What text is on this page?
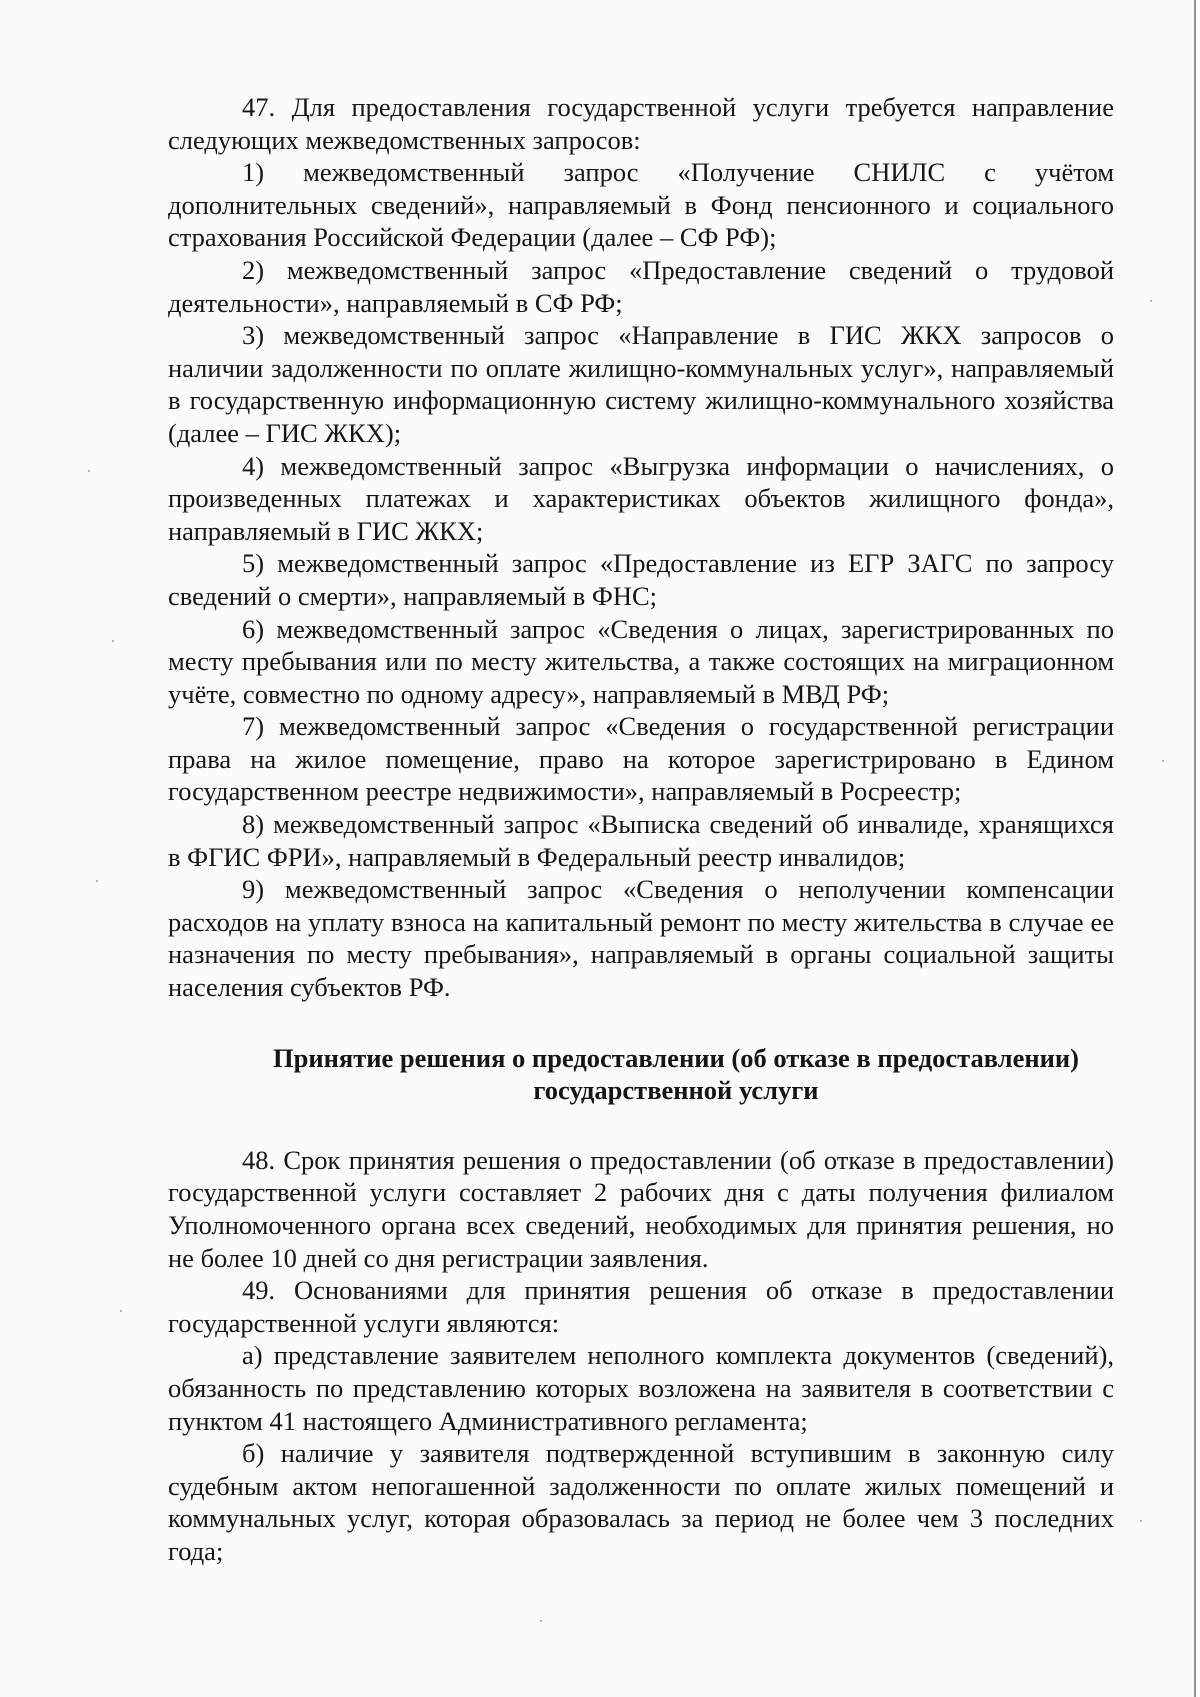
47. Для предоставления государственной услуги требуется направление следующих межведомственных запросов:

1) межведомственный запрос «Получение СНИЛС с учётом дополнительных сведений», направляемый в Фонд пенсионного и социального страхования Российской Федерации (далее – СФ РФ);

2) межведомственный запрос «Предоставление сведений о трудовой деятельности», направляемый в СФ РФ;

3) межведомственный запрос «Направление в ГИС ЖКХ запросов о наличии задолженности по оплате жилищно-коммунальных услуг», направляемый в государственную информационную систему жилищно-коммунального хозяйства (далее – ГИС ЖКХ);

4) межведомственный запрос «Выгрузка информации о начислениях, о произведенных платежах и характеристиках объектов жилищного фонда», направляемый в ГИС ЖКХ;

5) межведомственный запрос «Предоставление из ЕГР ЗАГС по запросу сведений о смерти», направляемый в ФНС;

6) межведомственный запрос «Сведения о лицах, зарегистрированных по месту пребывания или по месту жительства, а также состоящих на миграционном учёте, совместно по одному адресу», направляемый в МВД РФ;

7) межведомственный запрос «Сведения о государственной регистрации права на жилое помещение, право на которое зарегистрировано в Едином государственном реестре недвижимости», направляемый в Росреестр;

8) межведомственный запрос «Выписка сведений об инвалиде, хранящихся в ФГИС ФРИ», направляемый в Федеральный реестр инвалидов;

9) межведомственный запрос «Сведения о неполучении компенсации расходов на уплату взноса на капитальный ремонт по месту жительства в случае ее назначения по месту пребывания», направляемый в органы социальной защиты населения субъектов РФ.

Принятие решения о предоставлении (об отказе в предоставлении) государственной услуги

48. Срок принятия решения о предоставлении (об отказе в предоставлении) государственной услуги составляет 2 рабочих дня с даты получения филиалом Уполномоченного органа всех сведений, необходимых для принятия решения, но не более 10 дней со дня регистрации заявления.

49. Основаниями для принятия решения об отказе в предоставлении государственной услуги являются:

а) представление заявителем неполного комплекта документов (сведений), обязанность по представлению которых возложена на заявителя в соответствии с пунктом 41 настоящего Административного регламента;

б) наличие у заявителя подтвержденной вступившим в законную силу судебным актом непогашенной задолженности по оплате жилых помещений и коммунальных услуг, которая образовалась за период не более чем 3 последних года;
